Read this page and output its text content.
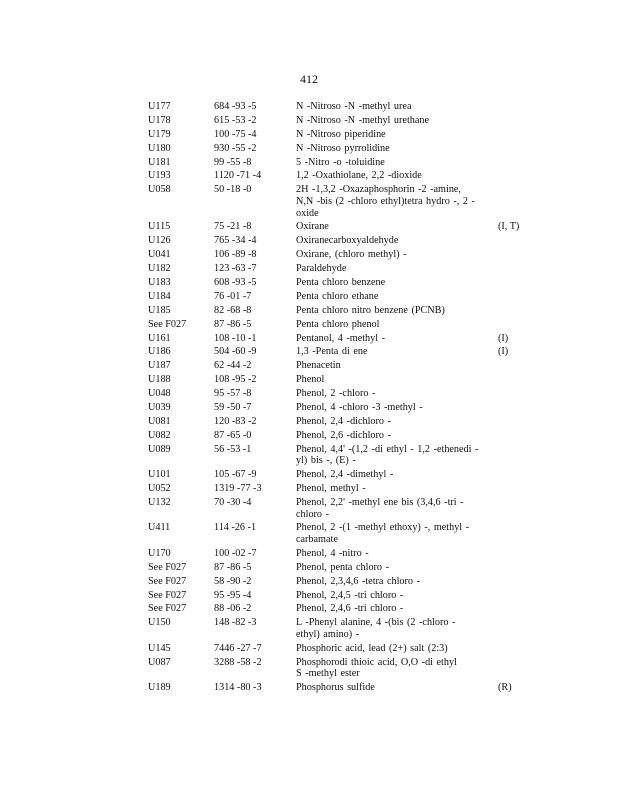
412
U177	684 -93 -5	N -Nitroso -N -methyl urea
U178	615 -53 -2	N -Nitroso -N -methyl urethane
U179	100 -75 -4	N -Nitroso piperidine
U180	930 -55 -2	N -Nitroso pyrrolidine
U181	99 -55 -8	5 -Nitro -o -toluidine
U193	1120 -71 -4	1,2 -Oxathiolane, 2,2 -dioxide
U058	50 -18 -0	2H -1,3,2 -Oxazaphosphorin -2 -amine,
N,N -bis (2 -chloro ethyl)tetra hydro -, 2 -
oxide
U115	75 -21 -8	Oxirane	(I, T)
U126	765 -34 -4	Oxiranecarboxyaldehyde
U041	106 -89 -8	Oxirane, (chloro methyl) -
U182	123 -63 -7	Paraldehyde
U183	608 -93 -5	Penta chloro benzene
U184	76 -01 -7	Penta chloro ethane
U185	82 -68 -8	Penta chloro nitro benzene (PCNB)
See F027	87 -86 -5	Penta chloro phenol
U161	108 -10 -1	Pentanol, 4 -methyl -	(I)
U186	504 -60 -9	1,3 -Penta di ene	(I)
U187	62 -44 -2	Phenacetin
U188	108 -95 -2	Phenol
U048	95 -57 -8	Phenol, 2 -chloro -
U039	59 -50 -7	Phenol, 4 -chloro -3 -methyl -
U081	120 -83 -2	Phenol, 2,4 -dichloro -
U082	87 -65 -0	Phenol, 2,6 -dichloro -
U089	56 -53 -1	Phenol, 4,4' -(1,2 -di ethyl - 1,2 -ethenedi -
yl) bis -, (E) -
U101	105 -67 -9	Phenol, 2,4 -dimethyl -
U052	1319 -77 -3	Phenol, methyl -
U132	70 -30 -4	Phenol, 2,2' -methyl ene bis (3,4,6 -tri -
chloro -
U411	114 -26 -1	Phenol, 2 -(1 -methyl ethoxy) -, methyl -
carbamate
U170	100 -02 -7	Phenol, 4 -nitro -
See F027	87 -86 -5	Phenol, penta chloro -
See F027	58 -90 -2	Phenol, 2,3,4,6 -tetra chloro -
See F027	95 -95 -4	Phenol, 2,4,5 -tri chloro -
See F027	88 -06 -2	Phenol, 2,4,6 -tri chloro -
U150	148 -82 -3	L -Phenyl alanine, 4 -(bis (2 -chloro -
ethyl) amino) -
U145	7446 -27 -7	Phosphoric acid, lead (2+) salt (2:3)
U087	3288 -58 -2	Phosphorodi thioic acid, O,O -di ethyl
S -methyl ester
U189	1314 -80 -3	Phosphorus sulfide	(R)
